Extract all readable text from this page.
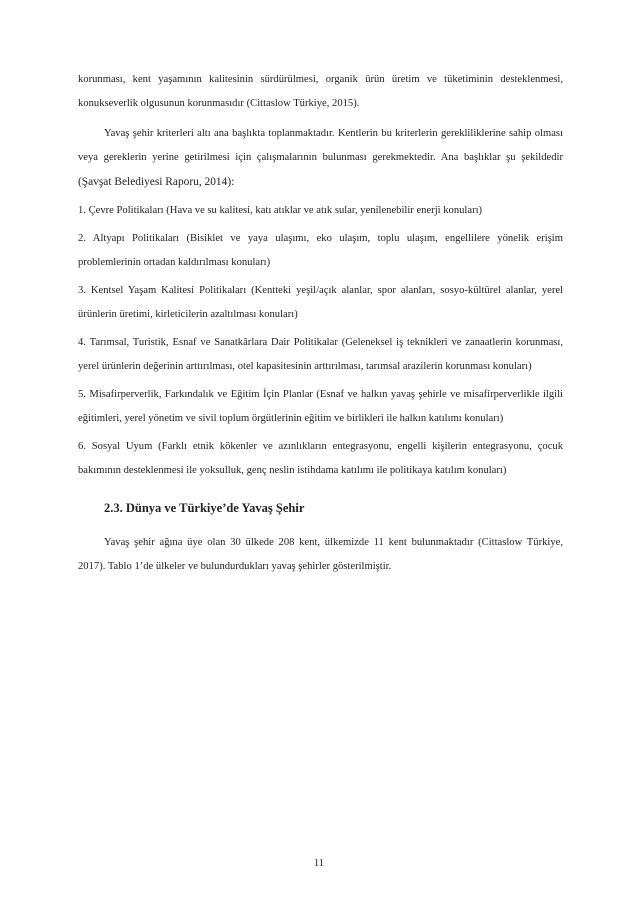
korunması, kent yaşamının kalitesinin sürdürülmesi, organik ürün üretim ve tüketiminin desteklenmesi, konukseverlik olgusunun korunmasıdır (Cittaslow Türkiye, 2015).

Yavaş şehir kriterleri altı ana başlıkta toplanmaktadır. Kentlerin bu kriterlerin gerekliliklerine sahip olması veya gereklerin yerine getirilmesi için çalışmalarının bulunması gerekmektedir. Ana başlıklar şu şekildedir (Şavşat Belediyesi Raporu, 2014):

1. Çevre Politikaları (Hava ve su kalitesi, katı atıklar ve atık sular, yenilenebilir enerji konuları)

2. Altyapı Politikaları (Bisiklet ve yaya ulaşımı, eko ulaşım, toplu ulaşım, engellilere yönelik erişim problemlerinin ortadan kaldırılması konuları)

3. Kentsel Yaşam Kalitesi Politikaları (Kentteki yeşil/açık alanlar, spor alanları, sosyo-kültürel alanlar, yerel ürünlerin üretimi, kirleticilerin azaltılması konuları)

4. Tarımsal, Turistik, Esnaf ve Sanatkârlara Dair Politikalar (Geleneksel iş teknikleri ve zanaatlerin korunması, yerel ürünlerin değerinin arttırılması, otel kapasitesinin arttırılması, tarımsal arazilerin korunması konuları)

5. Misafirperverlik, Farkındalık ve Eğitim İçin Planlar (Esnaf ve halkın yavaş şehirle ve misafirperverlikle ilgili eğitimleri, yerel yönetim ve sivil toplum örgütlerinin eğitim ve birlikleri ile halkın katılımı konuları)

6. Sosyal Uyum (Farklı etnik kökenler ve azınlıkların entegrasyonu, engelli kişilerin entegrasyonu, çocuk bakımının desteklenmesi ile yoksulluk, genç neslin istihdama katılımı ile politikaya katılım konuları)

2.3. Dünya ve Türkiye’de Yavaş Şehir

Yavaş şehir ağına üye olan 30 ülkede 208 kent, ülkemizde 11 kent bulunmaktadır (Cittaslow Türkiye, 2017). Tablo 1’de ülkeler ve bulundurdukları yavaş şehirler gösterilmiştir.

11
